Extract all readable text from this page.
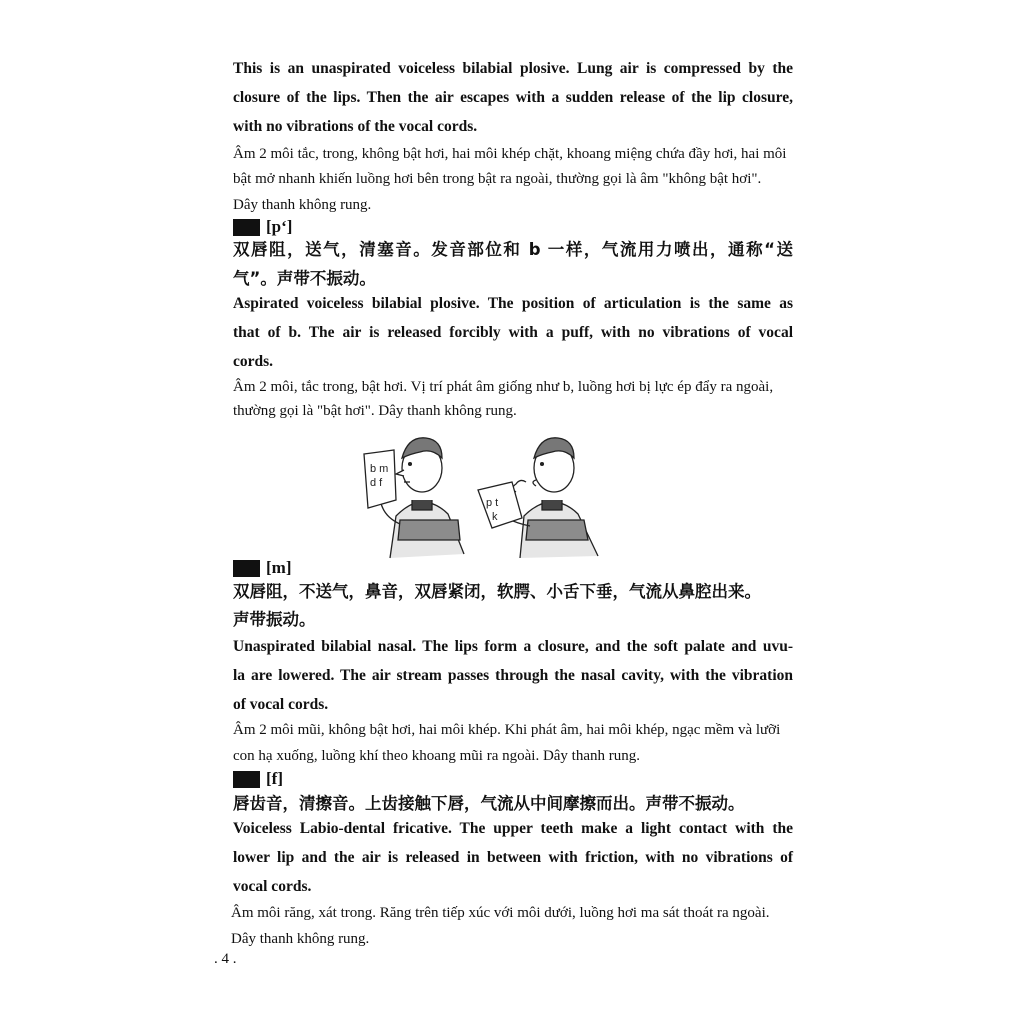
This is an unaspirated voiceless bilabial plosive. Lung air is compressed by the
closure of the lips. Then the air escapes with a sudden release of the lip closure,
with no vibrations of the vocal cords.
Âm 2 môi tắc, trong, không bật hơi, hai môi khép chặt, khoang miệng chứa đầy hơi, hai môi
bật mở nhanh khiến luồng hơi bên trong bật ra ngoài, thường gọi là âm "không bật hơi".
Dây thanh không rung.
[p‘]
双唇阻，送气，清塞音。发音部位和 b 一样，气流用力喷出，通称“送
气”。声带不振动。
Aspirated voiceless bilabial plosive. The position of articulation is the same as
that of b. The air is released forcibly with a puff, with no vibrations of vocal
cords.
Âm 2 môi, tắc trong, bật hơi. Vị trí phát âm giống như b, luồng hơi bị lực ép đẩy ra ngoài,
thường gọi là "bật hơi". Dây thanh không rung.
b m
d f
p t
k
[m]
双唇阻，不送气，鼻音，双唇紧闭，软腭、小舌下垂，气流从鼻腔出来。
声带振动。
Unaspirated bilabial nasal. The lips form a closure, and the soft palate and uvu-
la are lowered. The air stream passes through the nasal cavity, with the vibration
of vocal cords.
Âm 2 môi mũi, không bật hơi, hai môi khép. Khi phát âm, hai môi khép, ngạc mềm và lưỡi
con hạ xuống, luồng khí theo khoang mũi ra ngoài. Dây thanh rung.
[f]
唇齿音，清擦音。上齿接触下唇，气流从中间摩擦而出。声带不振动。
Voiceless Labio-dental fricative. The upper teeth make a light contact with the
lower lip and the air is released in between with friction, with no vibrations of
vocal cords.
Âm môi răng, xát trong. Răng trên tiếp xúc với môi dưới, luồng hơi ma sát thoát ra ngoài.
Dây thanh không rung.
. 4 .
